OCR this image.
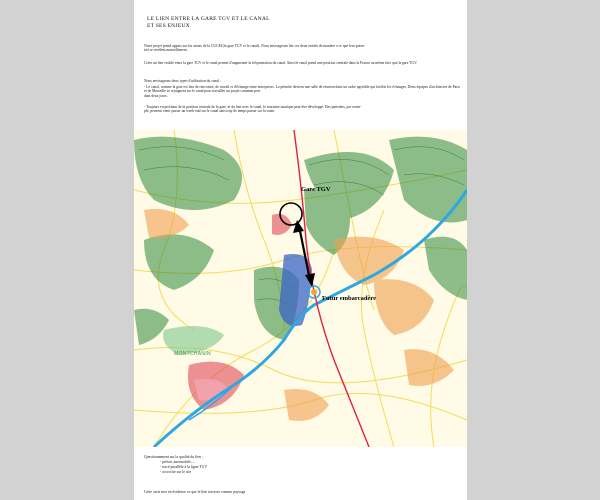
LE LIEN ENTRE LA GARE TGV ET LE CANAL
ET SES ENJEUX
Notre projet prend appuis sur les atouts de la CUCM (la gare TGV et le canal). Nous envisageons lier ces deux entités de manière a ce que leur poten-
tiel se revèlent mutuellement.
Créer un lien visible entre la gare TGV et le canal permet d'augmenter la fréquentation du canal. Ainsi le canal prend une position centrale dans la France au même titre que la gare TGV.
Nous envisageons deux types d'utilisation du canal :
- Le canal, comme la gare est lieu de rencontre, de travail et d'échange entre entreprises. La péniche devient une salle de réunion dans un cadre agréable qui facilite les échanges. Deux équipes d'architectes de Paris et de Marseille se rejoignent sur le canal pour travailler un projet commun pen-
dant deux jours.
- Toujours en profitant de la position centrale de la gare, et du lien avec le canal, le tourisme nautique peut être développé. Des parisiens, par exem-
ple, peuvent venir passer un week-end sur le canal sans trop de temps passer sur la route.
Gare TGV
Futur embarcadère
MONTCHANIN
Questionnement sur la qualité du lien :
- piéton, automobile,...
- tracé parallèle à la ligne TGV
- accroche sur le site
Cette carte met en évidence ce que le lien traverse comme paysage
